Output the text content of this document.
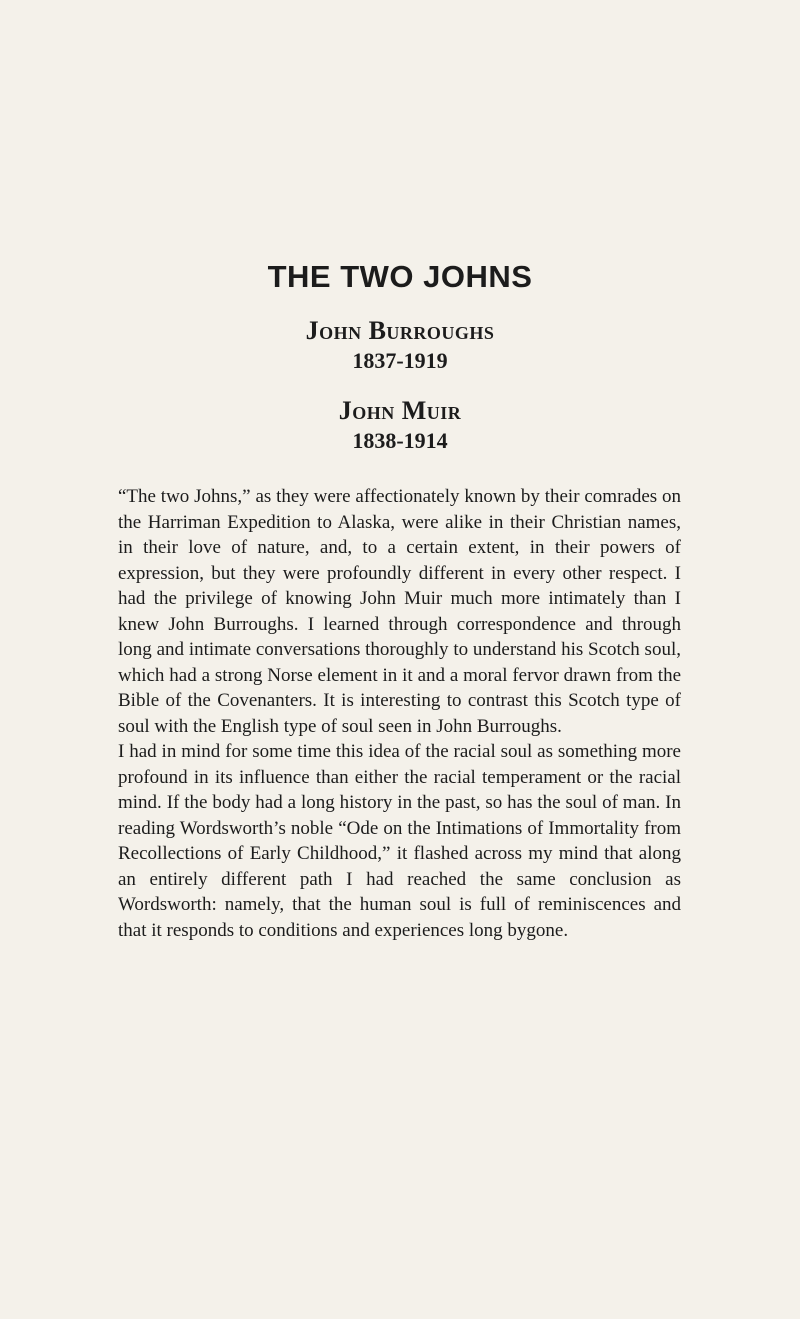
THE TWO JOHNS
John Burroughs
1837-1919
John Muir
1838-1914

“The two Johns,” as they were affectionately known by their comrades on the Harriman Expedition to Alaska, were alike in their Christian names, in their love of nature, and, to a certain extent, in their powers of expression, but they were profoundly different in every other respect. I had the privilege of knowing John Muir much more intimately than I knew John Burroughs. I learned through correspondence and through long and intimate conversations thoroughly to understand his Scotch soul, which had a strong Norse element in it and a moral fervor drawn from the Bible of the Covenanters. It is interesting to contrast this Scotch type of soul with the English type of soul seen in John Burroughs.

I had in mind for some time this idea of the racial soul as something more profound in its influence than either the racial temperament or the racial mind. If the body had a long history in the past, so has the soul of man. In reading Wordsworth’s noble “Ode on the Intimations of Immortality from Recollections of Early Childhood,” it flashed across my mind that along an entirely different path I had reached the same conclusion as Wordsworth: namely, that the human soul is full of reminiscences and that it responds to conditions and experiences long bygone.
